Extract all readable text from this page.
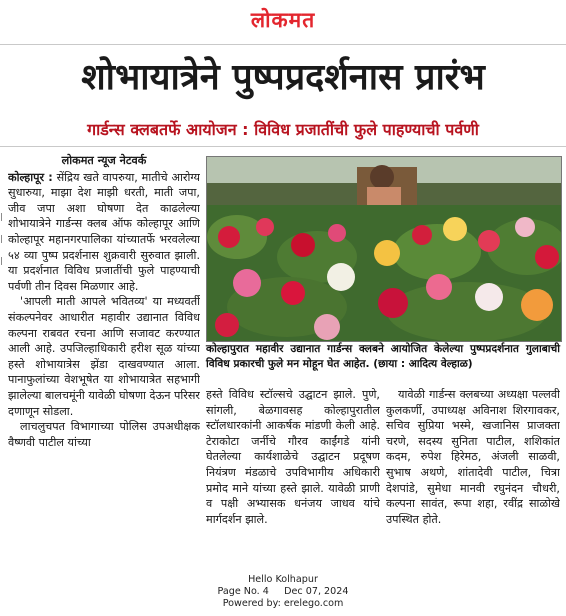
लोकमत
शोभायात्रेने पुष्पप्रदर्शनास प्रारंभ
गार्डन्स क्लबतर्फे आयोजन : विविध प्रजातींची फुले पाहण्याची पर्वणी
|
|
|
लोकमत न्यूज नेटवर्क

कोल्हापूर : सेंद्रिय खते वापरुया, मातीचे आरोग्य सुधारुया, माझा देश माझी धरती, माती जपा, जीव जपा अशा घोषणा देत काढलेल्या शोभायात्रेने गार्डन्स क्लब ऑफ कोल्हापूर आणि कोल्हापूर महानगरपालिका यांच्यातर्फे भरवलेल्या ५४ व्या पुष्प प्रदर्शनास शुक्रवारी सुरुवात झाली. या प्रदर्शनात विविध प्रजातींची फुले पाहण्याची पर्वणी तीन दिवस मिळणार आहे.

'आपली माती आपले भवितव्य' या मध्यवर्ती संकल्पनेवर आधारीत महावीर उद्यानात विविध कल्पना राबवत रचना आणि सजावट करण्यात आली आहे. उपजिल्हाधिकारी हरीश सूळ यांच्या हस्ते शोभायात्रेस झेंडा दाखवण्यात आला. पानाफुलांच्या वेशभूषेत या शोभायात्रेत सहभागी झालेल्या बालचमूंनी यावेळी घोषणा देऊन परिसर दणाणून सोडला.

लाचलुचपत विभागाच्या पोलिस उपअधीक्षक वैष्णवी पाटील यांच्या

कोल्हापुरात महावीर उद्यानात गार्डन्स क्लबने आयोजित केलेल्या पुष्पप्रदर्शनात गुलाबाची विविध प्रकारची फुले मन मोहून घेत आहेत. (छाया : आदित्य वेल्हाळ)

हस्ते विविध स्टॉल्सचे उद्घाटन झाले. पुणे, सांगली, बेळगावसह कोल्हापुरातील स्टॉलधारकांनी आकर्षक मांडणी केली आहे. टेराकोटा जर्नीचे गौरव काईंगडे यांनी घेतलेल्या कार्यशाळेचे उद्घाटन प्रदूषण नियंत्रण मंडळाचे उपविभागीय अधिकारी प्रमोद माने यांच्या हस्ते झाले. यावेळी प्राणी व पक्षी अभ्यासक धनंजय जाधव यांचे मार्गदर्शन झाले.

यावेळी गार्डन्स क्लबच्या अध्यक्षा पल्लवी कुलकर्णी, उपाध्यक्ष अविनाश शिरगावकर, सचिव सुप्रिया भस्मे, खजानिस प्राजक्ता चरणे, सदस्य सुनिता पाटील, शशिकांत कदम, रुपेश हिरेमठ, अंजली साळवी, सुभाष अथणे, शांतादेवी पाटील, चित्रा देशपांडे, सुमेधा मानवी रघुनंदन चौधरी, कल्पना सावंत, रूपा शहा, रवींद्र साळोखे उपस्थित होते.

Hello Kolhapur
Page No. 4     Dec 07, 2024
Powered by: erelego.com
